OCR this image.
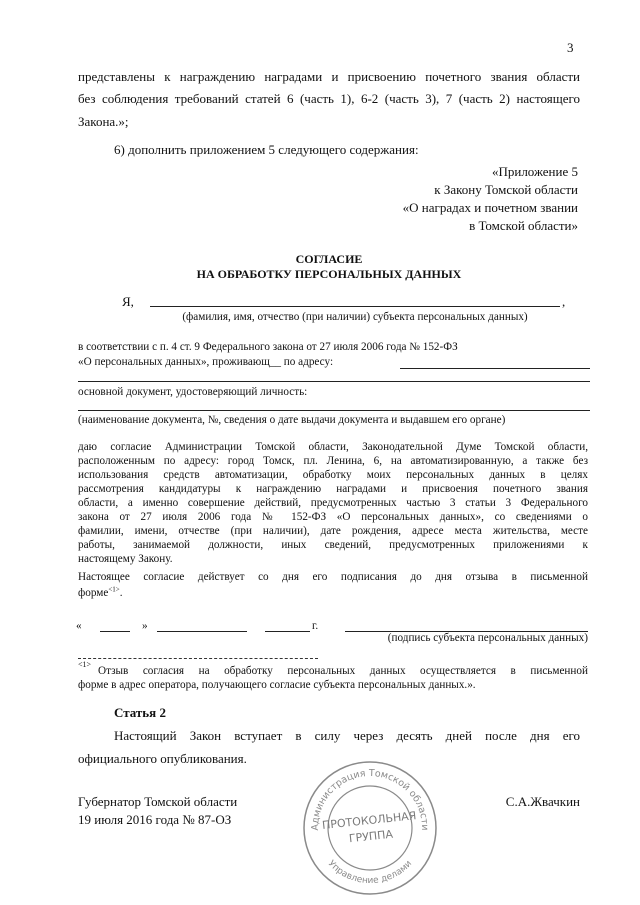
3
представлены к награждению наградами и присвоению почетного звания области
без соблюдения требований статей 6 (часть 1), 6-2 (часть 3), 7 (часть 2) настоящего
Закона.»;
6) дополнить приложением 5 следующего содержания:
«Приложение 5
к Закону Томской области
«О наградах и почетном звании
в Томской области»
СОГЛАСИЕ
НА ОБРАБОТКУ ПЕРСОНАЛЬНЫХ ДАННЫХ
Я,	,
(фамилия, имя, отчество (при наличии) субъекта персональных данных)
в соответствии с п. 4 ст. 9 Федерального закона от 27 июля 2006 года № 152-ФЗ
«О персональных данных», проживающ__ по адресу:
основной документ, удостоверяющий личность:
(наименование документа, №, сведения о дате выдачи документа и выдавшем его органе)
даю согласие Администрации Томской области, Законодательной Думе Томской области,
расположенным по адресу: город Томск, пл. Ленина, 6, на автоматизированную, а также без
использования средств автоматизации, обработку моих персональных данных в целях
рассмотрения кандидатуры к награждению наградами и присвоения почетного звания
области, а именно совершение действий, предусмотренных частью 3 статьи 3 Федерального
закона от 27 июля 2006 года № 152-ФЗ «О персональных данных», со сведениями о
фамилии, имени, отчестве (при наличии), дате рождения, адресе места жительства, месте
работы, занимаемой должности, иных сведений, предусмотренных приложениями к
настоящему Закону.
Настоящее согласие действует со дня его подписания до дня отзыва в письменной
форме$^{<1>}$.
«	»	г.
(подпись субъекта персональных данных)
<1>
Отзыв согласия на обработку персональных данных осуществляется в письменной
форме в адрес оператора, получающего согласие субъекта персональных данных.».
Статья 2
Настоящий Закон вступает в силу через десять дней после дня его
официального опубликования.
Губернатор Томской области	С.А.Жвачкин
19 июля 2016 года № 87-ОЗ
Администрация Томской области
Управление делами
ПРОТОКОЛЬНАЯ
ГРУППА
